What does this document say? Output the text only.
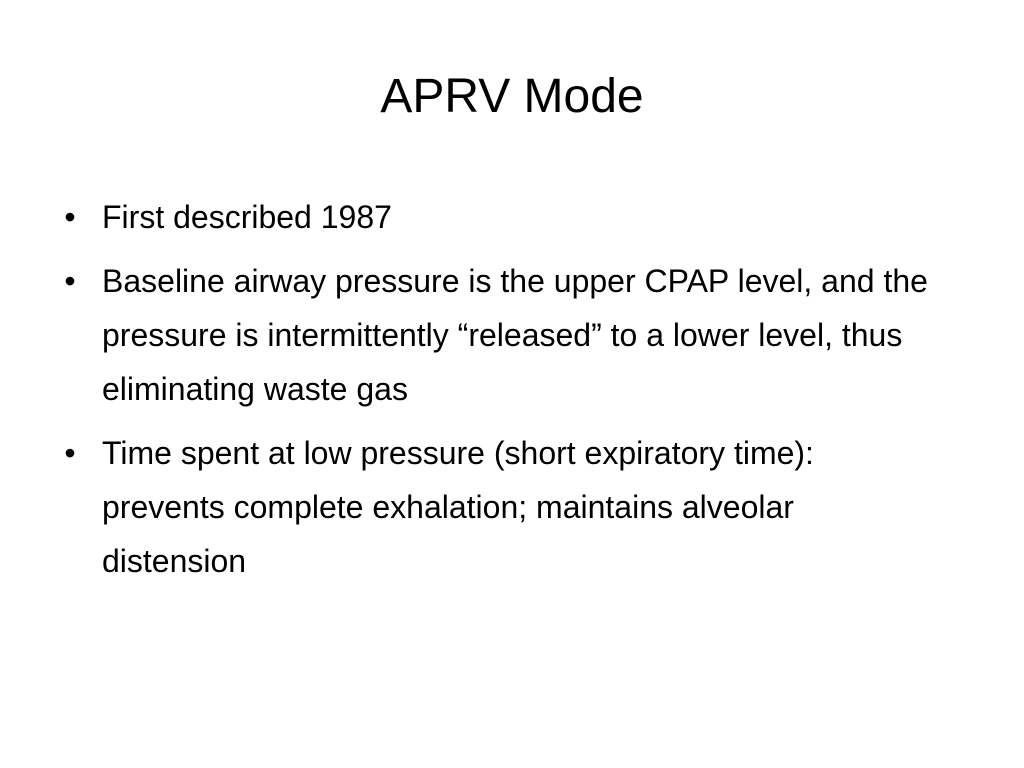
APRV Mode
• First described 1987
• Baseline airway pressure is the upper CPAP level, and the pressure is intermittently “released” to a lower level, thus eliminating waste gas
• Time spent at low pressure (short expiratory time): prevents complete exhalation; maintains alveolar distension
